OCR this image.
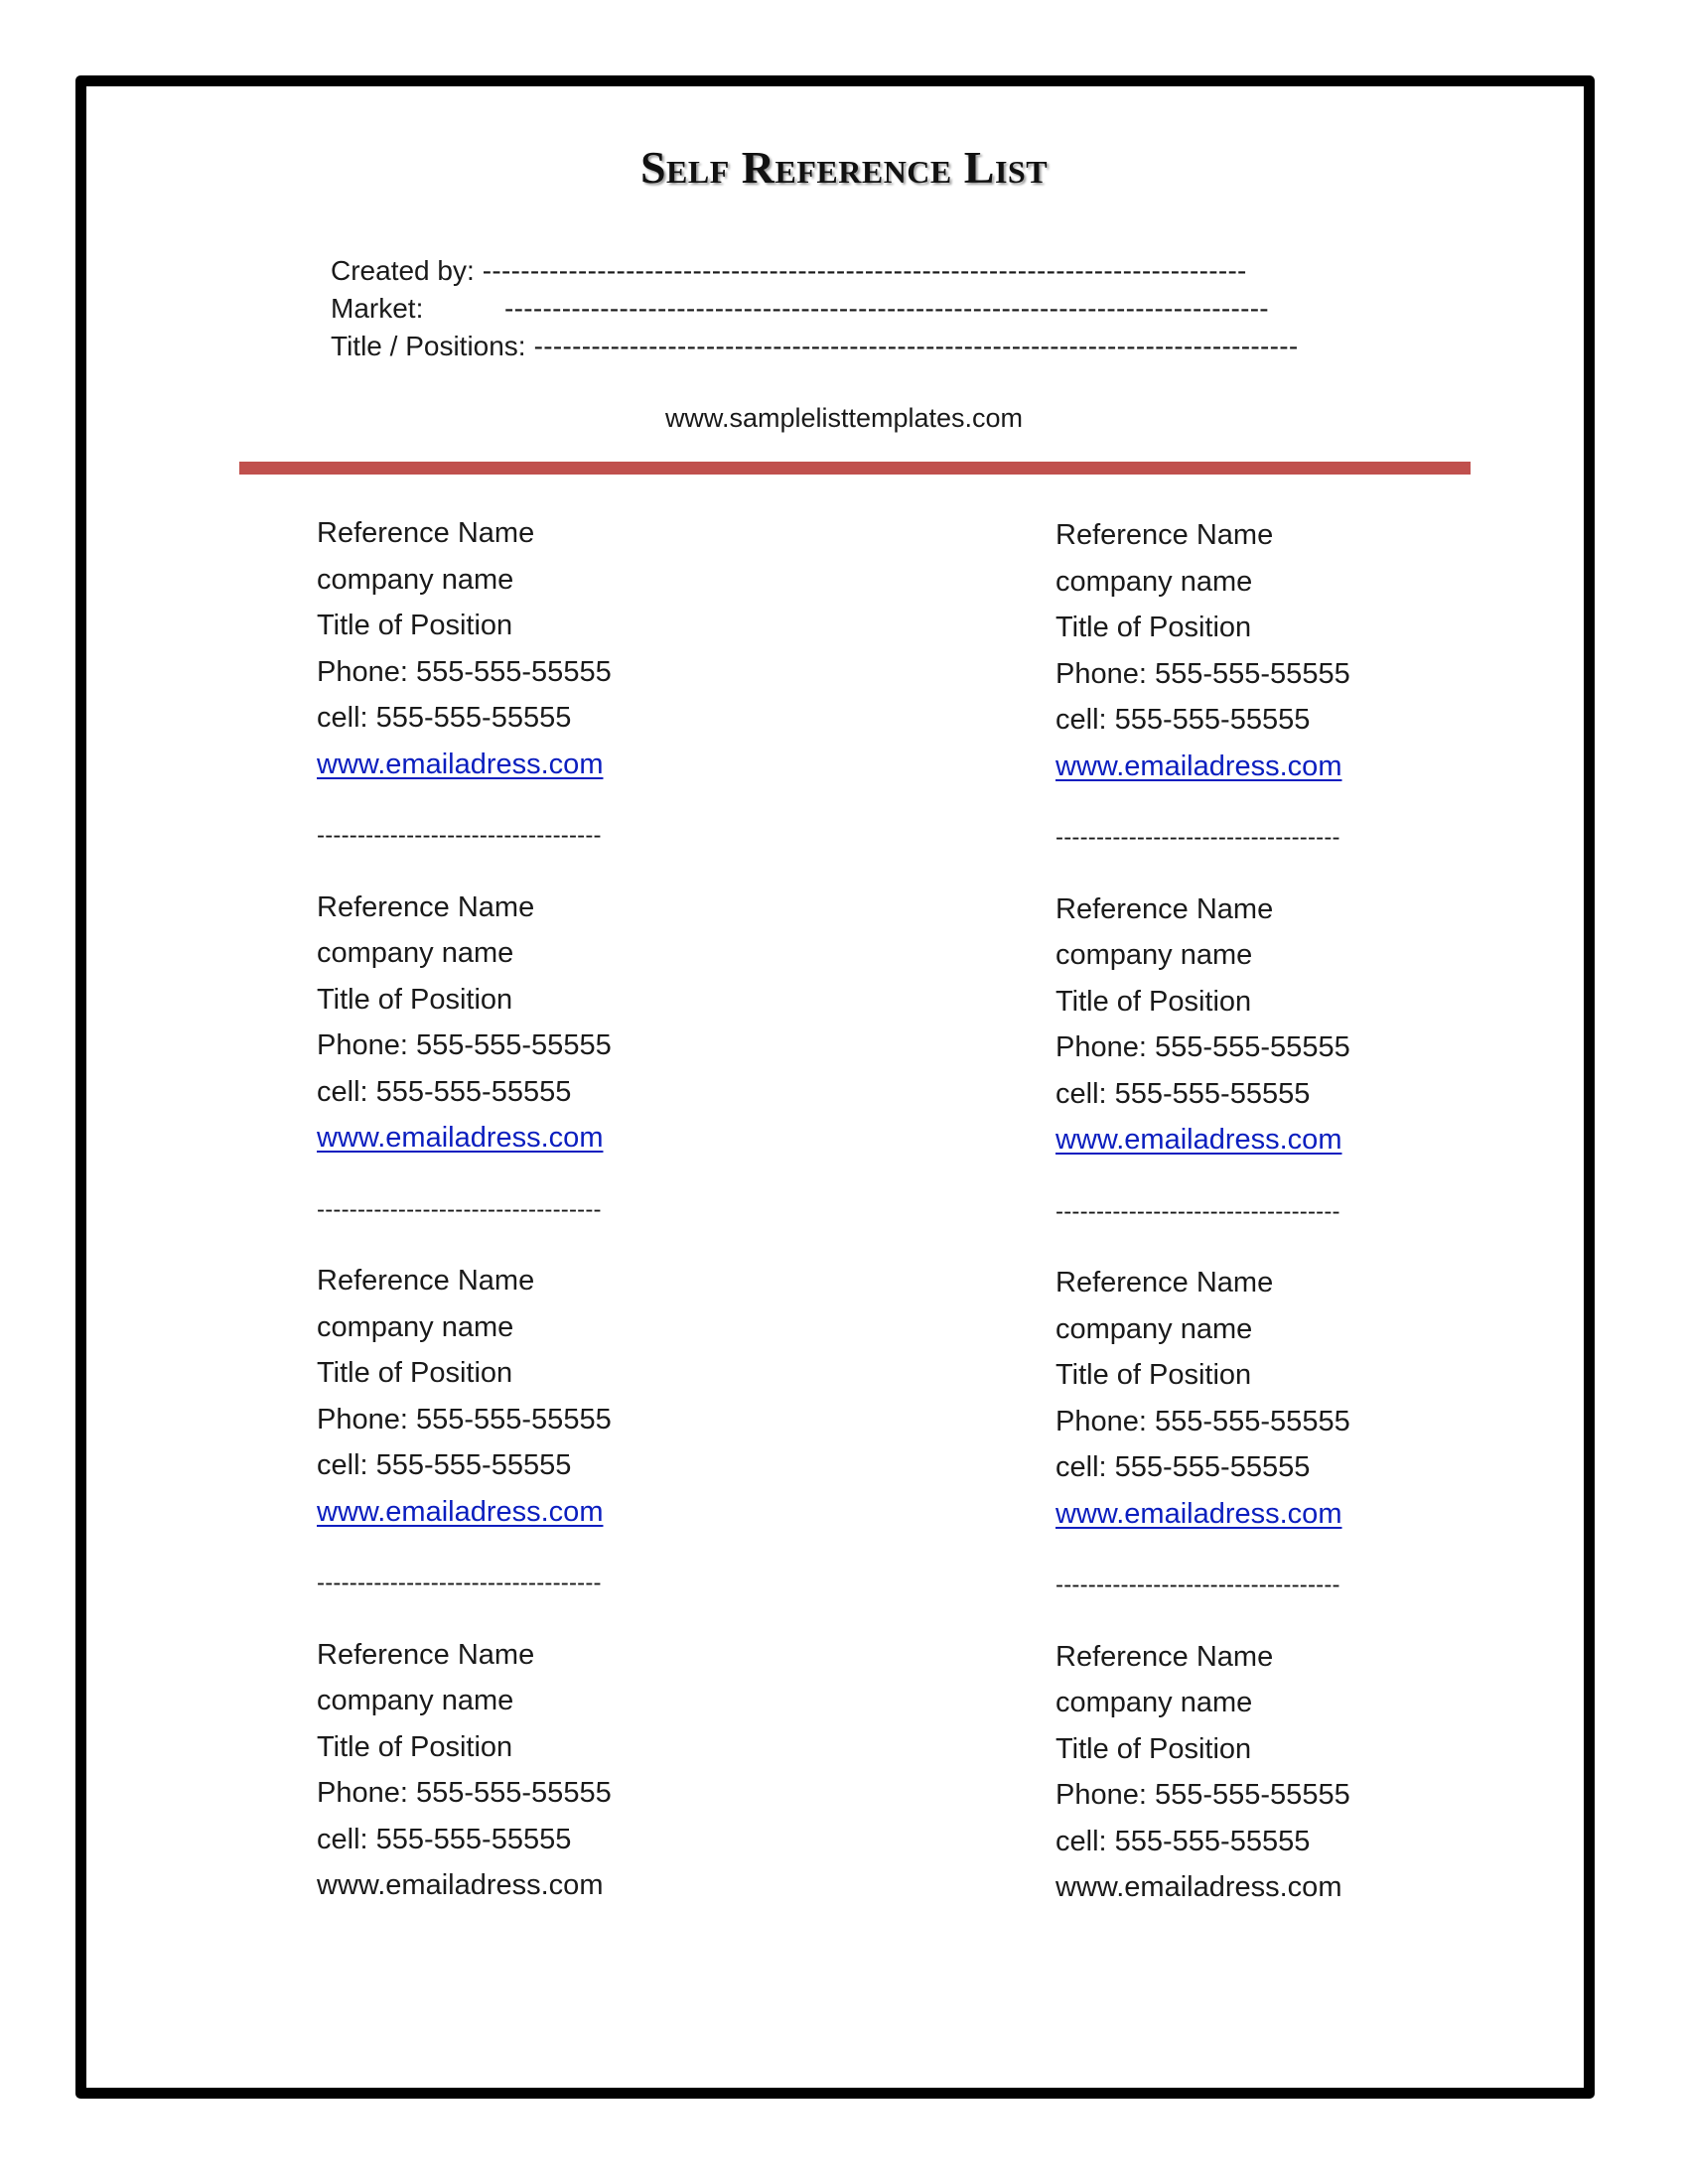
Self Reference List
Created by: --------------------------------------------------------------------------------
Market:	--------------------------------------------------------------------------------
Title / Positions: --------------------------------------------------------------------------------
www.samplelisttemplates.com
Reference Name
company name
Title of Position
Phone: 555-555-55555
cell: 555-555-55555
www.emailadress.com
-----------------------------------
Reference Name
company name
Title of Position
Phone: 555-555-55555
cell: 555-555-55555
www.emailadress.com
-----------------------------------
Reference Name
company name
Title of Position
Phone: 555-555-55555
cell: 555-555-55555
www.emailadress.com
-----------------------------------
Reference Name
company name
Title of Position
Phone: 555-555-55555
cell: 555-555-55555
www.emailadress.com
Reference Name
company name
Title of Position
Phone: 555-555-55555
cell: 555-555-55555
www.emailadress.com
-----------------------------------
Reference Name
company name
Title of Position
Phone: 555-555-55555
cell: 555-555-55555
www.emailadress.com
-----------------------------------
Reference Name
company name
Title of Position
Phone: 555-555-55555
cell: 555-555-55555
www.emailadress.com
-----------------------------------
Reference Name
company name
Title of Position
Phone: 555-555-55555
cell: 555-555-55555
www.emailadress.com
